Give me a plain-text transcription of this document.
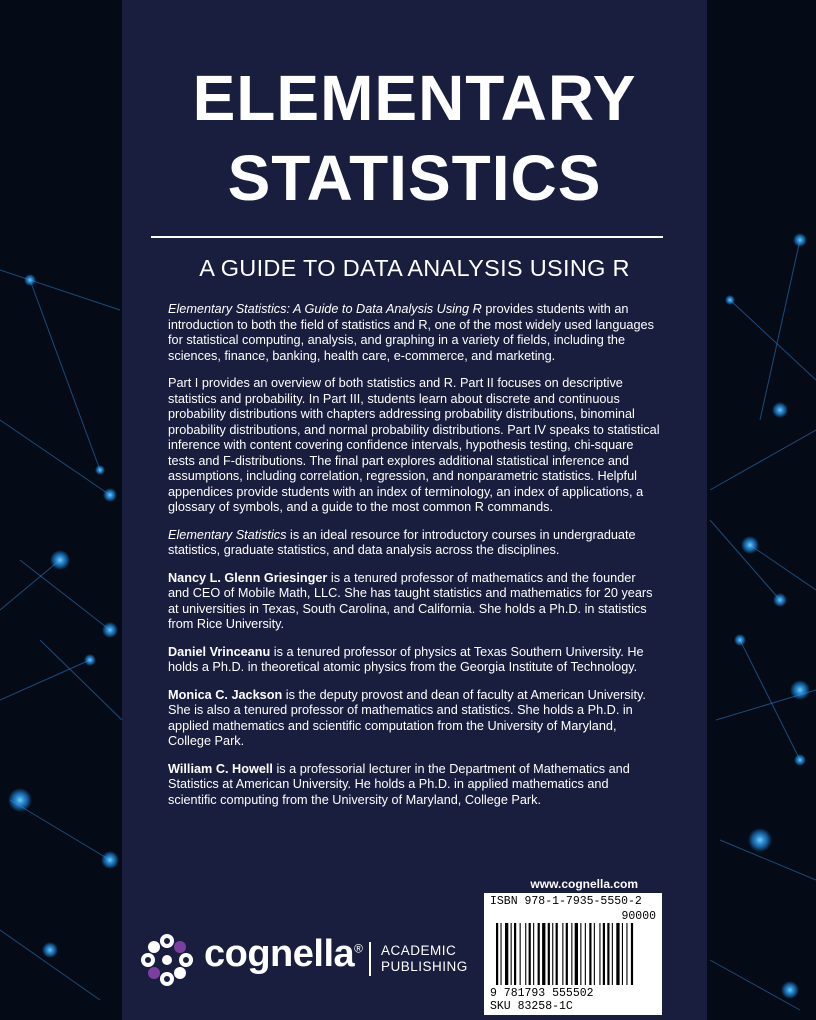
ELEMENTARY
STATISTICS
A GUIDE TO DATA ANALYSIS USING R

Elementary Statistics: A Guide to Data Analysis Using R provides students with an introduction to both the field of statistics and R, one of the most widely used languages for statistical computing, analysis, and graphing in a variety of fields, including the sciences, finance, banking, health care, e-commerce, and marketing.

Part I provides an overview of both statistics and R. Part II focuses on descriptive statistics and probability. In Part III, students learn about discrete and continuous probability distributions with chapters addressing probability distributions, binominal probability distributions, and normal probability distributions. Part IV speaks to statistical inference with content covering confidence intervals, hypothesis testing, chi-square tests and F-distributions. The final part explores additional statistical inference and assumptions, including correlation, regression, and nonparametric statistics. Helpful appendices provide students with an index of terminology, an index of applications, a glossary of symbols, and a guide to the most common R commands.

Elementary Statistics is an ideal resource for introductory courses in undergraduate statistics, graduate statistics, and data analysis across the disciplines.

Nancy L. Glenn Griesinger is a tenured professor of mathematics and the founder and CEO of Mobile Math, LLC. She has taught statistics and mathematics for 20 years at universities in Texas, South Carolina, and California. She holds a Ph.D. in statistics from Rice University.

Daniel Vrinceanu is a tenured professor of physics at Texas Southern University. He holds a Ph.D. in theoretical atomic physics from the Georgia Institute of Technology.

Monica C. Jackson is the deputy provost and dean of faculty at American University. She is also a tenured professor of mathematics and statistics. She holds a Ph.D. in applied mathematics and scientific computation from the University of Maryland, College Park.

William C. Howell is a professorial lecturer in the Department of Mathematics and Statistics at American University. He holds a Ph.D. in applied mathematics and scientific computing from the University of Maryland, College Park.

www.cognella.com
ISBN 978-1-7935-5550-2
90000
9 781793 555502
SKU 83258-1C
cognella® ACADEMIC
PUBLISHING
